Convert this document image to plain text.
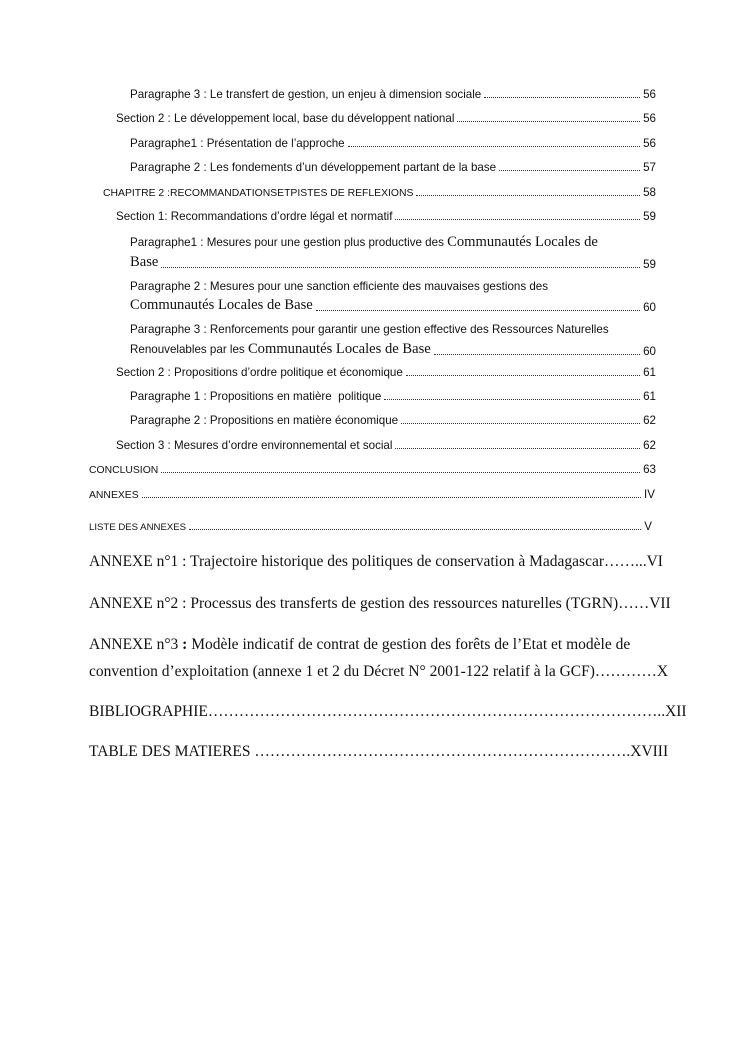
Paragraphe 3 : Le transfert de gestion, un enjeu à dimension sociale	56
Section 2 : Le développement local, base du développent national	56
Paragraphe1 : Présentation de l’approche	56
Paragraphe 2 : Les fondements d’un développement partant de la base	57
CHAPITRE 2 :RECOMMANDATIONSETPISTES DE REFLEXIONS	58
Section 1: Recommandations d’ordre légal et normatif	59
Paragraphe1 : Mesures pour une gestion plus productive des Communautés Locales de
Base	59
Paragraphe 2 : Mesures pour une sanction efficiente des mauvaises gestions des
Communautés Locales de Base	60
Paragraphe 3 : Renforcements pour garantir une gestion effective des Ressources Naturelles
Renouvelables par les Communautés Locales de Base	60
Section 2 : Propositions d’ordre politique et économique	61
Paragraphe 1 : Propositions en matière  politique	61
Paragraphe 2 : Propositions en matière économique	62
Section 3 : Mesures d’ordre environnemental et social	62
CONCLUSION	63
ANNEXES	IV
LISTE DES ANNEXES	V
ANNEXE n°1 : Trajectoire historique des politiques de conservation à Madagascar……...VI
ANNEXE n°2 : Processus des transferts de gestion des ressources naturelles (TGRN)……VII
ANNEXE n°3 : Modèle indicatif de contrat de gestion des forêts de l’Etat et modèle de
convention d’exploitation (annexe 1 et 2 du Décret N° 2001-122 relatif à la GCF)…………X
BIBLIOGRAPHIE……………………………………………………………………………..XII
TABLE DES MATIERES ……………………………………………………………….XVIII
